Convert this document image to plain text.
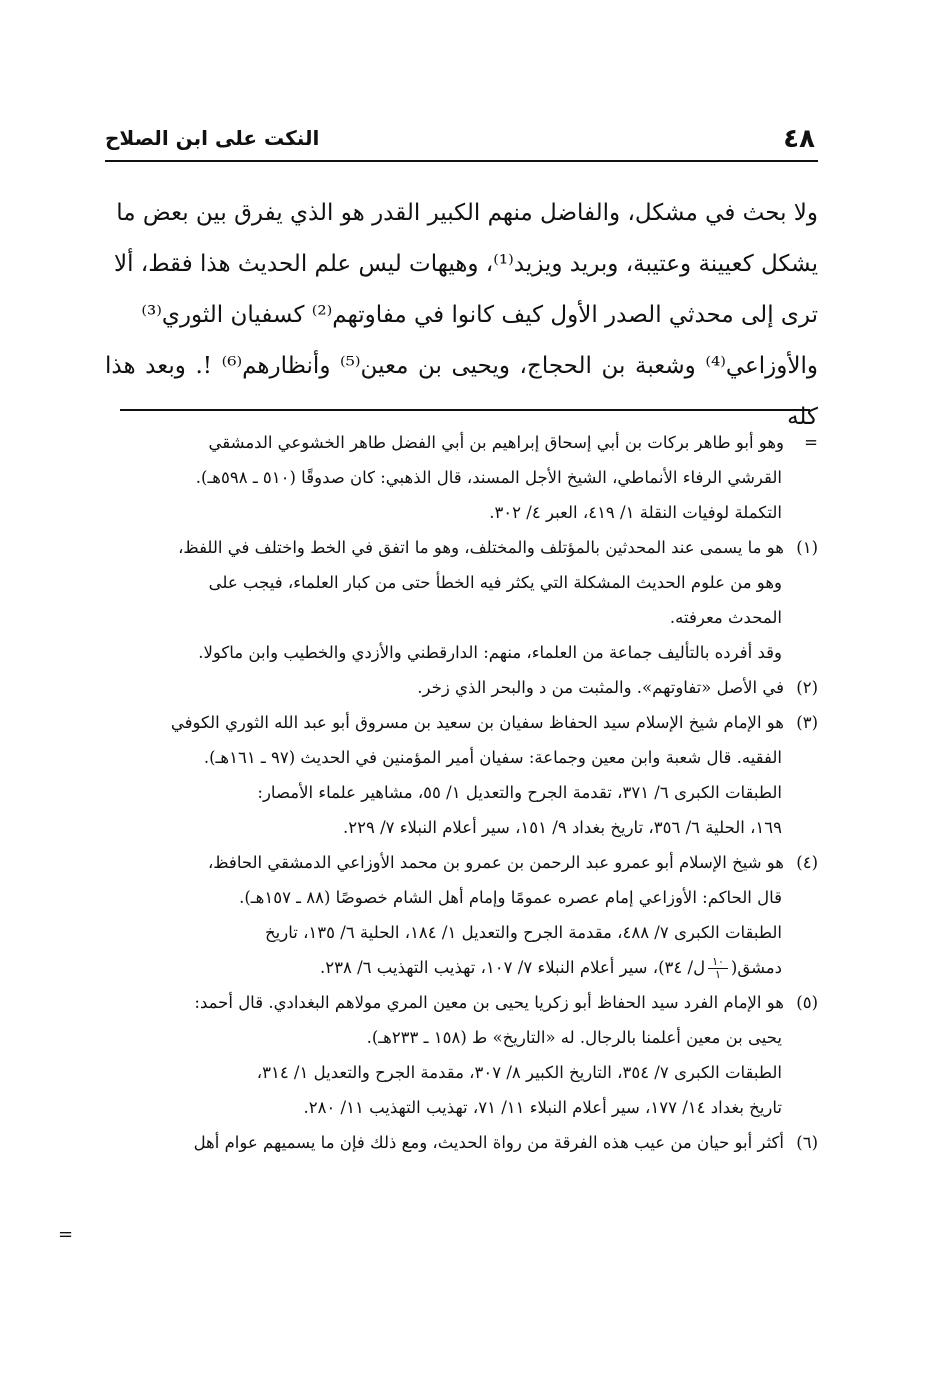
٤٨
النكت على ابن الصلاح

ولا بحث في مشكل، والفاضل منهم الكبير القدر هو الذي يفرق بين بعض ما

يشكل كعيينة وعتيبة، وبريد ويزيد⁽¹⁾، وهيهات ليس علم الحديث هذا فقط، ألا

ترى إلى محدثي الصدر الأول كيف كانوا في مفاوتهم⁽²⁾ كسفيان الثوري⁽³⁾

والأوزاعي⁽⁴⁾ وشعبة بن الحجاج، ويحيى بن معين⁽⁵⁾ وأنظارهم⁽⁶⁾ !. وبعد هذا كله

=وهو أبو طاهر بركات بن أبي إسحاق إبراهيم بن أبي الفضل طاهر الخشوعي الدمشقي
القرشي الرفاء الأنماطي، الشيخ الأجل المسند، قال الذهبي: كان صدوقًا (٥١٠ ـ ٥٩٨هـ).
التكملة لوفيات النقلة ١/ ٤١٩، العبر ٤/ ٣٠٢.
(١)هو ما يسمى عند المحدثين بالمؤتلف والمختلف، وهو ما اتفق في الخط واختلف في اللفظ،
وهو من علوم الحديث المشكلة التي يكثر فيه الخطأ حتى من كبار العلماء، فيجب على
المحدث معرفته.
وقد أفرده بالتأليف جماعة من العلماء، منهم: الدارقطني والأزدي والخطيب وابن ماكولا.
(٢)في الأصل «تفاوتهم». والمثبت من د والبحر الذي زخر.
(٣)هو الإمام شيخ الإسلام سيد الحفاظ سفيان بن سعيد بن مسروق أبو عبد الله الثوري الكوفي
الفقيه. قال شعبة وابن معين وجماعة: سفيان أمير المؤمنين في الحديث (٩٧ ـ ١٦١هـ).
الطبقات الكبرى ٦/ ٣٧١، تقدمة الجرح والتعديل ١/ ٥٥، مشاهير علماء الأمصار:
١٦٩، الحلية ٦/ ٣٥٦، تاريخ بغداد ٩/ ١٥١، سير أعلام النبلاء ٧/ ٢٢٩.
(٤)هو شيخ الإسلام أبو عمرو عبد الرحمن بن عمرو بن محمد الأوزاعي الدمشقي الحافظ،
قال الحاكم: الأوزاعي إمام عصره عمومًا وإمام أهل الشام خصوصًا (٨٨ ـ ١٥٧هـ).
الطبقات الكبرى ٧/ ٤٨٨، مقدمة الجرح والتعديل ١/ ١٨٤، الحلية ٦/ ١٣٥، تاريخ
دمشق(
$\frac{١٠}{١}$
ل/ ٣٤)، سير أعلام النبلاء ٧/ ١٠٧، تهذيب التهذيب ٦/ ٢٣٨.
(٥)هو الإمام الفرد سيد الحفاظ أبو زكريا يحيى بن معين المري مولاهم البغدادي. قال أحمد:
يحيى بن معين أعلمنا بالرجال. له «التاريخ» ط (١٥٨ ـ ٢٣٣هـ).
الطبقات الكبرى ٧/ ٣٥٤، التاريخ الكبير ٨/ ٣٠٧، مقدمة الجرح والتعديل ١/ ٣١٤،
تاريخ بغداد ١٤/ ١٧٧، سير أعلام النبلاء ١١/ ٧١، تهذيب التهذيب ١١/ ٢٨٠.
(٦)أكثر أبو حيان من عيب هذه الفرقة من رواة الحديث، ومع ذلك فإن ما يسميهم عوام أهل
=
